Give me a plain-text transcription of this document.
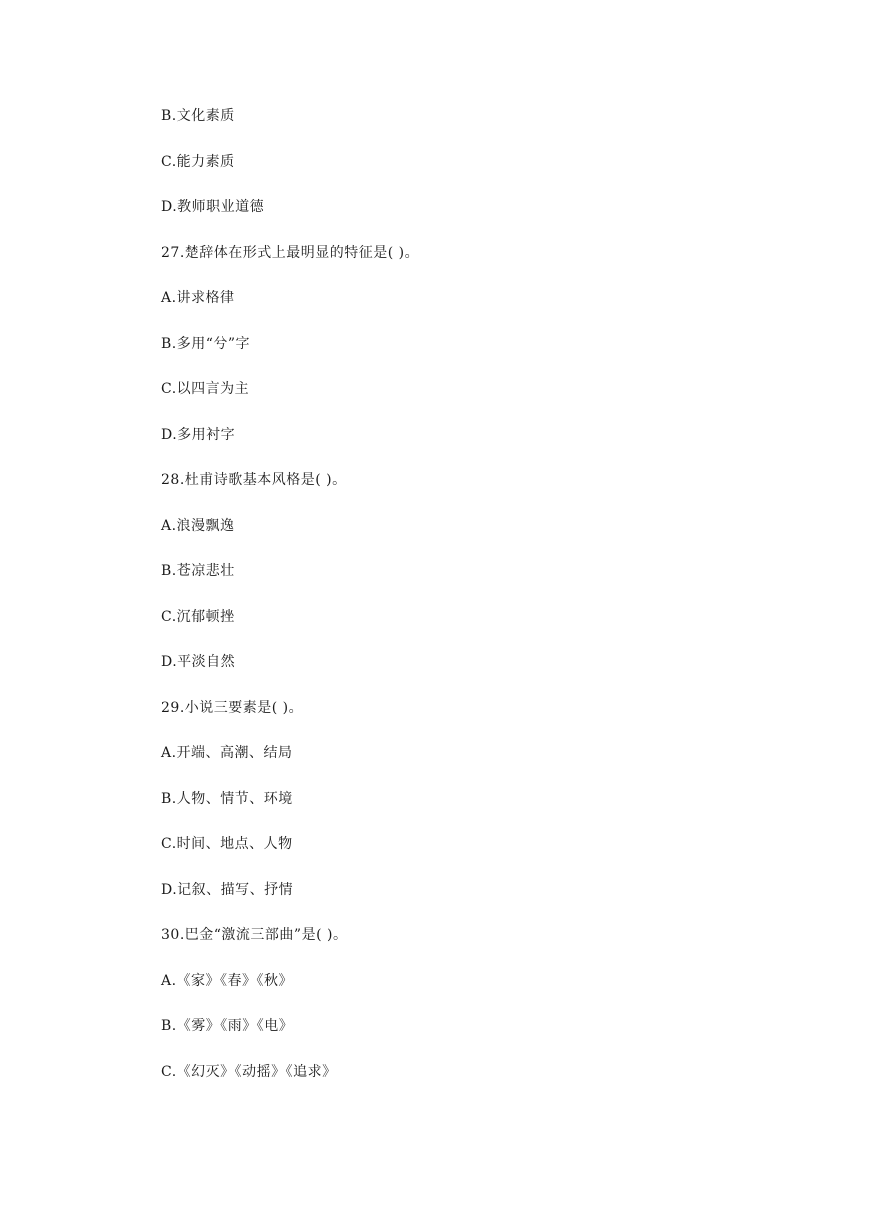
B.文化素质
C.能力素质
D.教师职业道德
27.楚辞体在形式上最明显的特征是( )。
A.讲求格律
B.多用“兮”字
C.以四言为主
D.多用衬字
28.杜甫诗歌基本风格是( )。
A.浪漫飘逸
B.苍凉悲壮
C.沉郁顿挫
D.平淡自然
29.小说三要素是( )。
A.开端、高潮、结局
B.人物、情节、环境
C.时间、地点、人物
D.记叙、描写、抒情
30.巴金“激流三部曲”是( )。
A.《家》《春》《秋》
B.《雾》《雨》《电》
C.《幻灭》《动摇》《追求》
